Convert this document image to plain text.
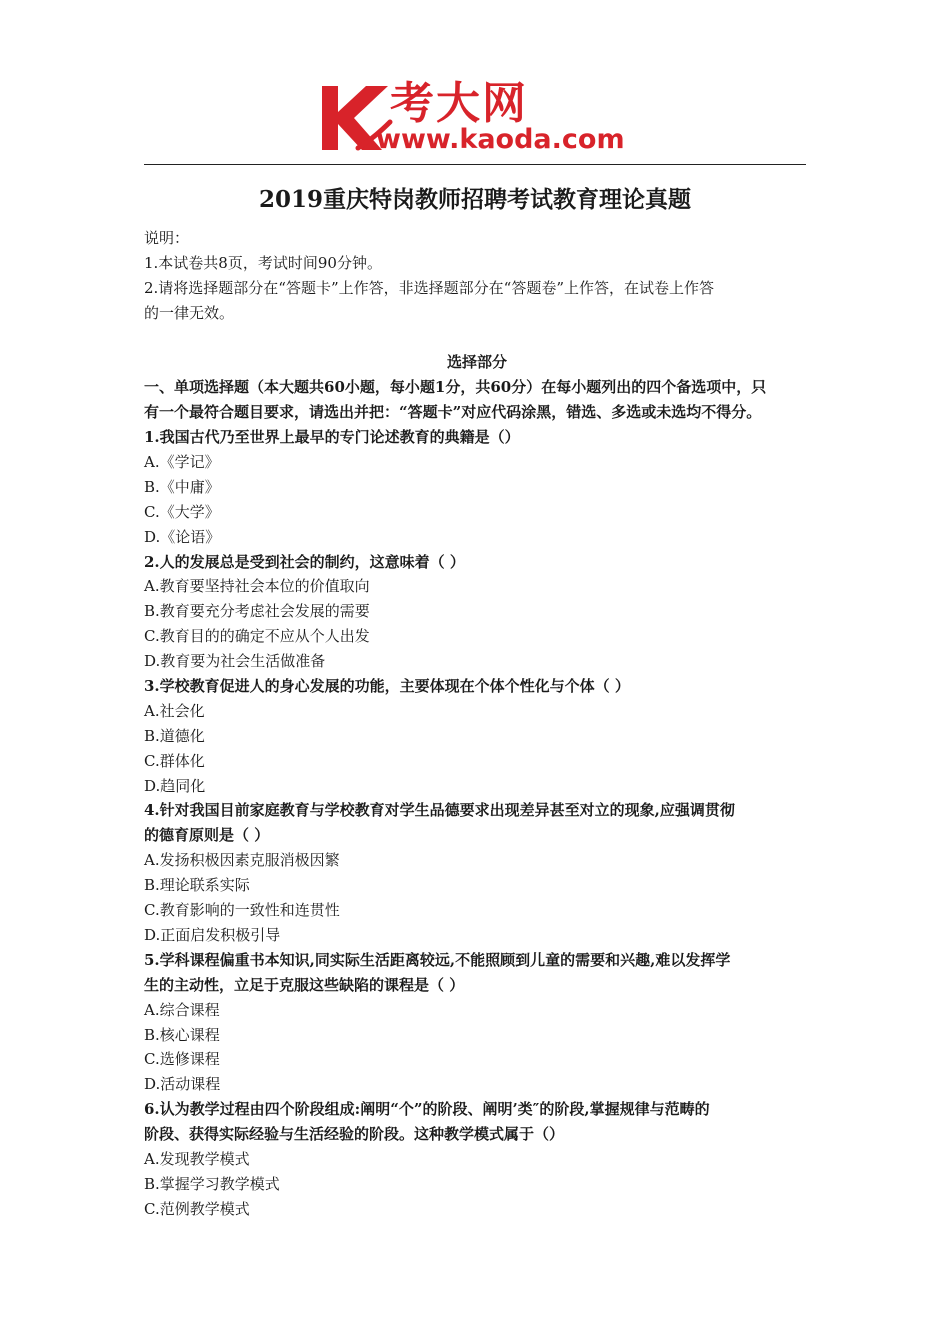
考大网
www.kaoda.com
2019重庆特岗教师招聘考试教育理论真题
说明：
1.本试卷共8页，考试时间90分钟。
2.请将选择题部分在“答题卡”上作答，非选择题部分在“答题卷”上作答，在试卷上作答
的一律无效。
选择部分
一、单项选择题（本大题共60小题，每小题1分，共60分）在每小题列出的四个备选项中，只
有一个最符合题目要求，请选出并把：“答题卡”对应代码涂黑，错选、多选或未选均不得分。
1.我国古代乃至世界上最早的专门论述教育的典籍是（）
A.《学记》
B.《中庸》
C.《大学》
D.《论语》
2.人的发展总是受到社会的制约，这意味着（ ）
A.教育要坚持社会本位的价值取向
B.教育要充分考虑社会发展的需要
C.教育目的的确定不应从个人出发
D.教育要为社会生活做准备
3.学校教育促进人的身心发展的功能，主要体现在个体个性化与个体（ ）
A.社会化
B.道德化
C.群体化
D.趋同化
4.针对我国目前家庭教育与学校教育对学生品德要求出现差异甚至对立的现象,应强调贯彻
的德育原则是（ ）
A.发扬积极因素克服消极因繁
B.理论联系实际
C.教育影响的一致性和连贯性
D.正面启发积极引导
5.学科课程偏重书本知识,同实际生活距离较远,不能照顾到儿童的需要和兴趣,难以发挥学
生的主动性，立足于克服这些缺陷的课程是（ ）
A.综合课程
B.核心课程
C.选修课程
D.活动课程
6.认为教学过程由四个阶段组成:阐明“个”的阶段、阐明’类″的阶段,掌握规律与范畴的
阶段、获得实际经验与生活经验的阶段。这种教学模式属于（）
A.发现教学模式
B.掌握学习教学模式
C.范例教学模式
